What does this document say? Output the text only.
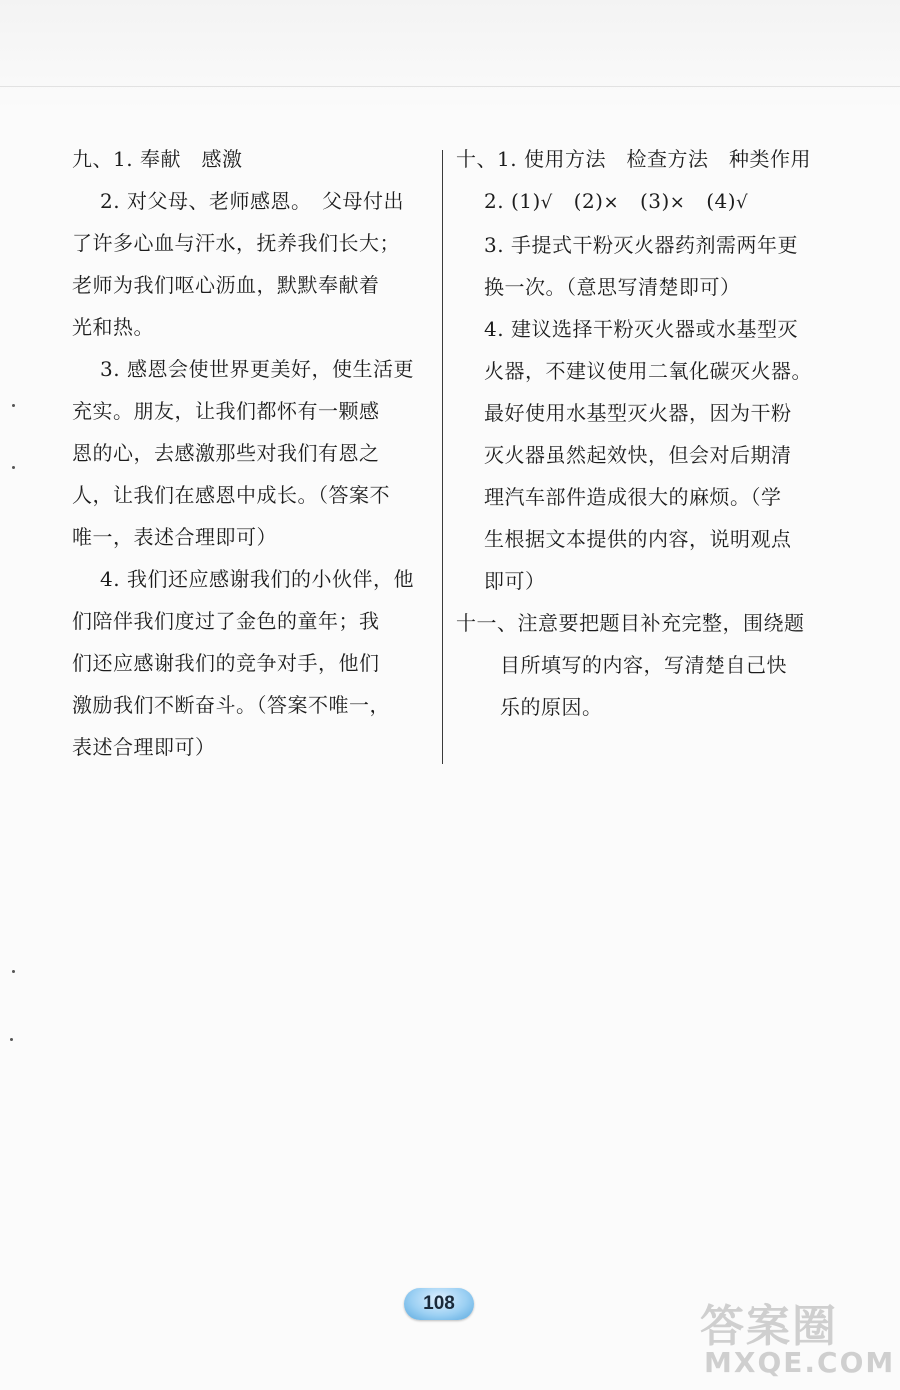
九、1. 奉献　感激

2. 对父母、老师感恩。　父母付出

了许多心血与汗水，抚养我们长大；

老师为我们呕心沥血，默默奉献着

光和热。

3. 感恩会使世界更美好，使生活更

充实。朋友，让我们都怀有一颗感

恩的心，去感激那些对我们有恩之

人，让我们在感恩中成长。（答案不

唯一，表述合理即可）

4. 我们还应感谢我们的小伙伴，他

们陪伴我们度过了金色的童年；我

们还应感谢我们的竞争对手，他们

激励我们不断奋斗。（答案不唯一，

表述合理即可）

十、1. 使用方法　检查方法　种类作用

2. (1)√ (2)× (3)× (4)√

3. 手提式干粉灭火器药剂需两年更

换一次。（意思写清楚即可）

4. 建议选择干粉灭火器或水基型灭

火器，不建议使用二氧化碳灭火器。

最好使用水基型灭火器，因为干粉

灭火器虽然起效快，但会对后期清

理汽车部件造成很大的麻烦。（学

生根据文本提供的内容，说明观点

即可）

十一、注意要把题目补充完整，围绕题

目所填写的内容，写清楚自己快

乐的原因。

108	答案圈
MXQE.COM
